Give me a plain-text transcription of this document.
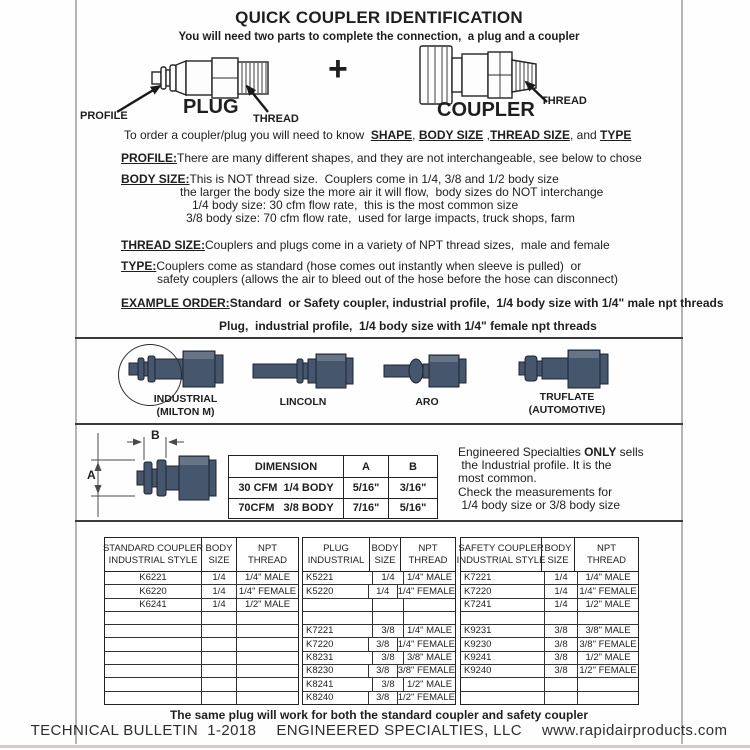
QUICK COUPLER IDENTIFICATION
You will need two parts to complete the connection,  a plug and a coupler
+
PROFILE	PLUG
THREAD	COUPLER THREAD
To order a coupler/plug you will need to know  SHAPE, BODY SIZE ,THREAD SIZE, and TYPE
PROFILE:There are many different shapes, and they are not interchangeable, see below to chose
BODY SIZE:This is NOT thread size.  Couplers come in 1/4, 3/8 and 1/2 body size
the larger the body size the more air it will flow,  body sizes do NOT interchange
1/4 body size: 30 cfm flow rate,  this is the most common size
3/8 body size: 70 cfm flow rate,  used for large impacts, truck shops, farm
THREAD SIZE:Couplers and plugs come in a variety of NPT thread sizes,  male and female
TYPE:Couplers come as standard (hose comes out instantly when sleeve is pulled)  or
safety couplers (allows the air to bleed out of the hose before the hose can disconnect)
EXAMPLE ORDER:Standard  or Safety coupler, industrial profile,  1/4 body size with 1/4" male npt threads
Plug,  industrial profile,  1/4 body size with 1/4" female npt threads
INDUSTRIAL
(MILTON M)
LINCOLN	ARO	TRUFLATE
(AUTOMOTIVE)
B
A
DIMENSION	A	B
30 CFM  1/4 BODY	5/16"	3/16"
70CFM   3/8 BODY	7/16"	5/16"
Engineered Specialties ONLY sells
the Industrial profile. It is the
most common.
Check the measurements for
1/4 body size or 3/8 body size
STANDARD COUPLER
INDUSTRIAL STYLE
BODY
SIZE
NPT
THREAD
K6221	1/4	1/4" MALE
K6220	1/4	1/4" FEMALE
K6241	1/4	1/2" MALE
PLUG
INDUSTRIAL
BODY
SIZE
NPT
THREAD
K5221	1/4	1/4" MALE
K5220	1/4 1/4" FEMALE
K7221	3/8	1/4" MALE
K7220	3/8 1/4" FEMALE
K8231	3/8	3/8" MALE
K8230	3/8 3/8" FEMALE
K8241	3/8	1/2" MALE
K8240	3/8 1/2" FEMALE
SAFETY COUPLER
INDUSTRIAL STYLE
BODY
SIZE
NPT
THREAD
K7221	1/4	1/4" MALE
K7220	1/4	1/4" FEMALE
K7241	1/4	1/2" MALE
K9231	3/8	3/8" MALE
K9230	3/8	3/8" FEMALE
K9241	3/8	1/2" MALE
K9240	3/8	1/2" FEMALE
The same plug will work for both the standard coupler and safety coupler
TECHNICAL BULLETIN  1-2018 ENGINEERED SPECIALTIES, LLC www.rapidairproducts.com
